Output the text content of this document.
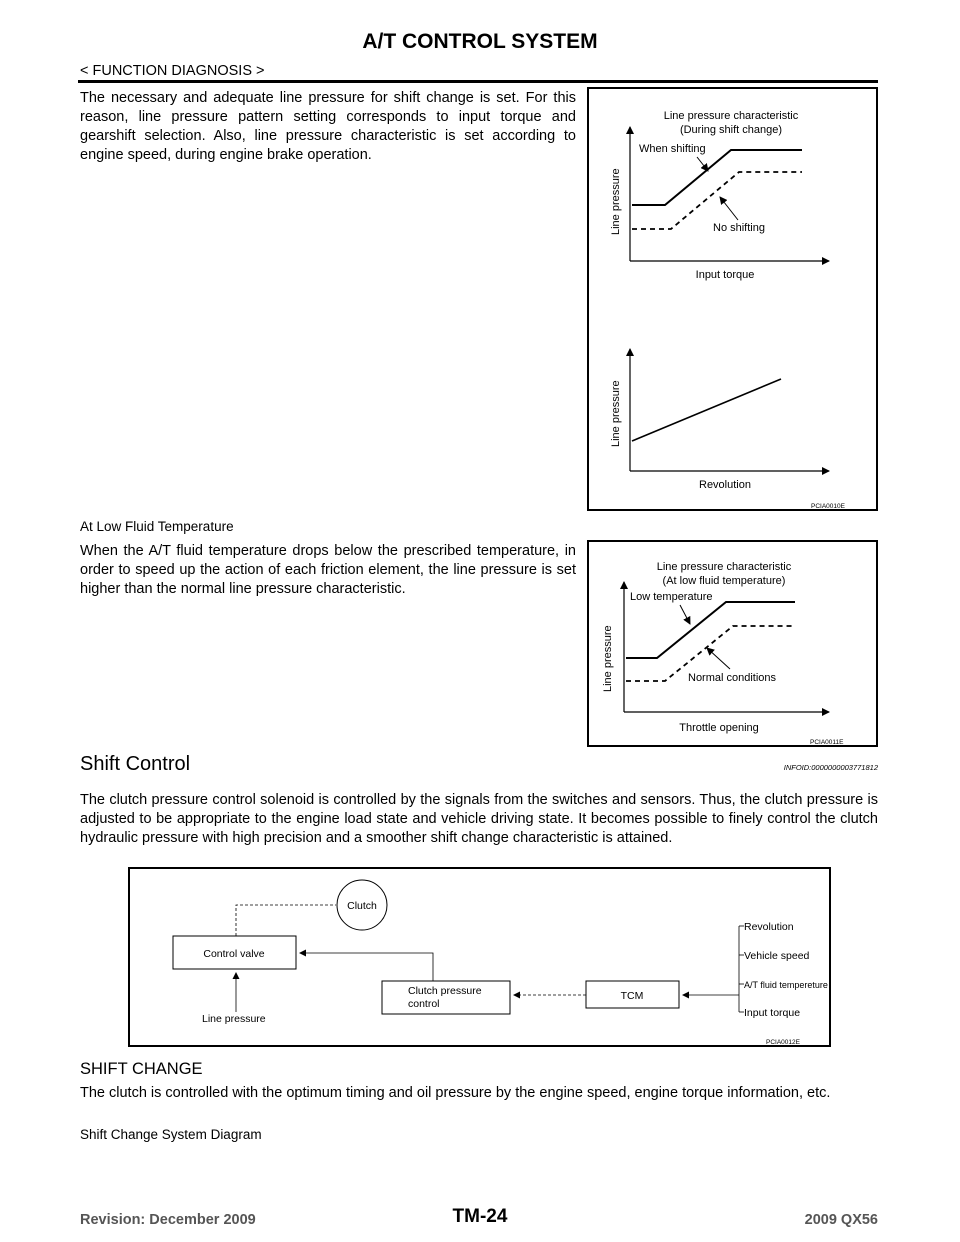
A/T CONTROL SYSTEM
< FUNCTION DIAGNOSIS >
The necessary and adequate line pressure for shift change is set. For this reason, line pressure pattern setting corresponds to input torque and gearshift selection. Also, line pressure characteristic is set according to engine speed, during engine brake operation.
Line pressure characteristic
(During shift change)
Line pressure
Input torque
When shifting
No shifting
Line pressure
Revolution
PCIA0010E
At Low Fluid Temperature
When the A/T fluid temperature drops below the prescribed temperature, in order to speed up the action of each friction element, the line pressure is set higher than the normal line pressure characteristic.
Line pressure characteristic
(At low fluid temperature)
Line pressure
Throttle opening
Low temperature
Normal conditions
PCIA0011E
Shift Control	INFOID:0000000003771812
The clutch pressure control solenoid is controlled by the signals from the switches and sensors. Thus, the clutch pressure is adjusted to be appropriate to the engine load state and vehicle driving state. It becomes possible to finely control the clutch hydraulic pressure with high precision and a smoother shift change characteristic is attained.
Clutch
Control valve
Clutch pressure
control
Line pressure
TCM
Revolution
Vehicle speed
A/T fluid tempereture
Input torque
PCIA0012E
SHIFT CHANGE
The clutch is controlled with the optimum timing and oil pressure by the engine speed, engine torque information, etc.
Shift Change System Diagram
Revision: December 2009	TM-24	2009 QX56
